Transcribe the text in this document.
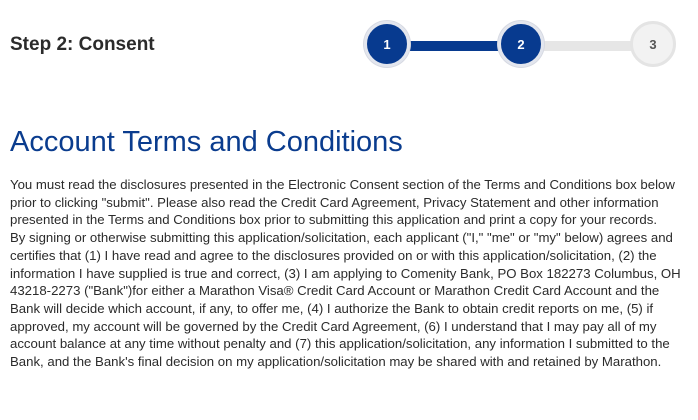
Step 2: Consent	1	2	3
Account Terms and Conditions

You must read the disclosures presented in the Electronic Consent section of the Terms and Conditions box below prior to clicking "submit". Please also read the Credit Card Agreement, Privacy Statement and other information presented in the Terms and Conditions box prior to submitting this application and print a copy for your records.

By signing or otherwise submitting this application/solicitation, each applicant ("I," "me" or "my" below) agrees and certifies that (1) I have read and agree to the disclosures provided on or with this application/solicitation, (2) the information I have supplied is true and correct, (3) I am applying to Comenity Bank, PO Box 182273 Columbus, OH 43218-2273 ("Bank")for either a Marathon Visa® Credit Card Account or Marathon Credit Card Account and the Bank will decide which account, if any, to offer me, (4) I authorize the Bank to obtain credit reports on me, (5) if approved, my account will be governed by the Credit Card Agreement, (6) I understand that I may pay all of my account balance at any time without penalty and (7) this application/solicitation, any information I submitted to the Bank, and the Bank's final decision on my application/solicitation may be shared with and retained by Marathon.
